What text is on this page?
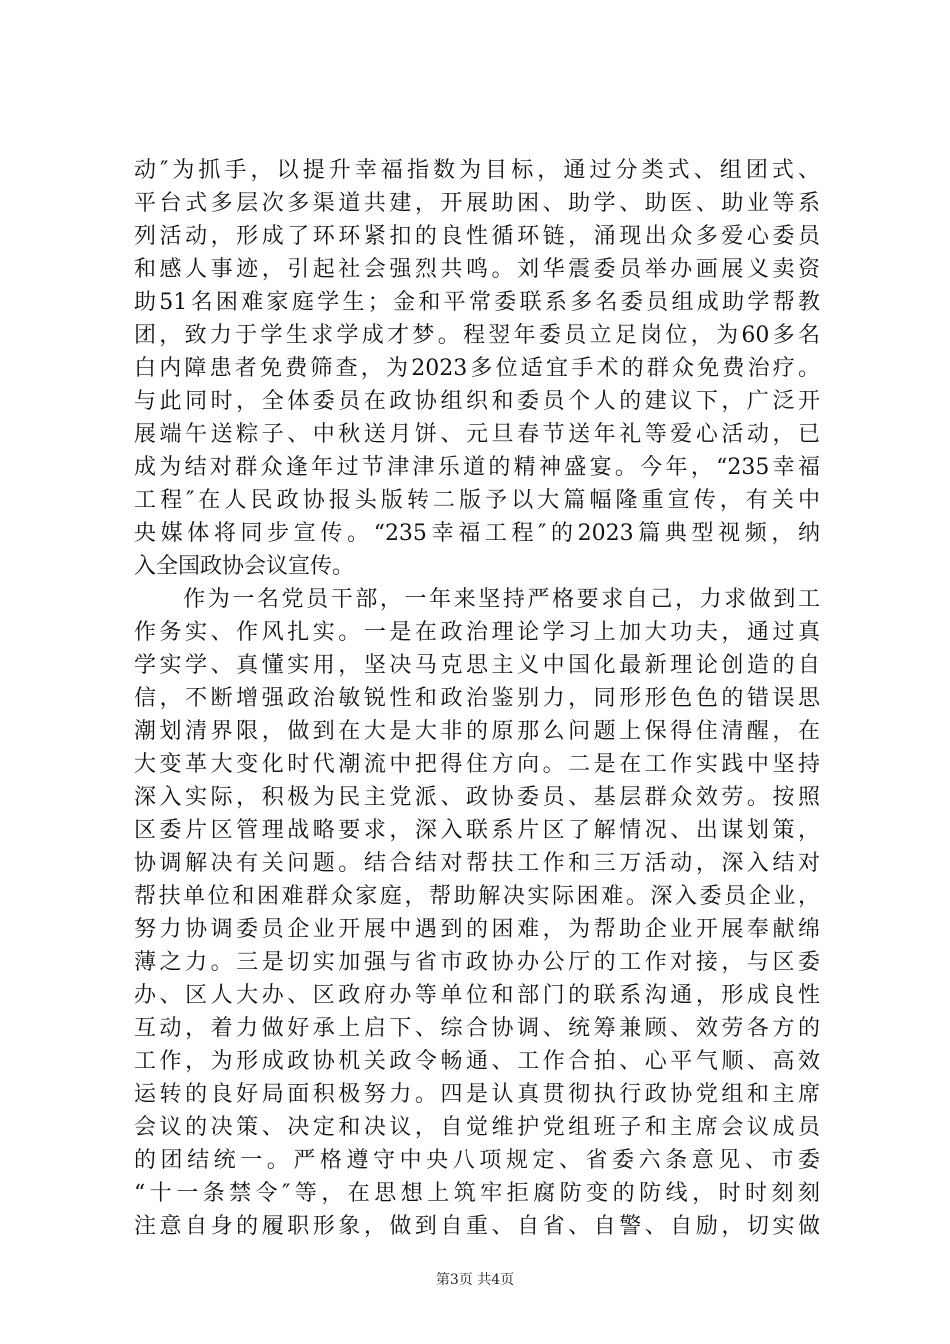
动″为抓手，以提升幸福指数为目标，通过分类式、组团式、
平台式多层次多渠道共建，开展助困、助学、助医、助业等系
列活动，形成了环环紧扣的良性循环链，涌现出众多爱心委员
和感人事迹，引起社会强烈共鸣。刘华震委员举办画展义卖资
助51名困难家庭学生；金和平常委联系多名委员组成助学帮教
团，致力于学生求学成才梦。程翌年委员立足岗位，为60多名
白内障患者免费筛查，为2023多位适宜手术的群众免费治疗。
与此同时，全体委员在政协组织和委员个人的建议下，广泛开
展端午送粽子、中秋送月饼、元旦春节送年礼等爱心活动，已
成为结对群众逢年过节津津乐道的精神盛宴。今年，“235幸福
工程″在人民政协报头版转二版予以大篇幅隆重宣传，有关中
央媒体将同步宣传。“235幸福工程″的2023篇典型视频，纳
入全国政协会议宣传。
　　作为一名党员干部，一年来坚持严格要求自己，力求做到工
作务实、作风扎实。一是在政治理论学习上加大功夫，通过真
学实学、真懂实用，坚决马克思主义中国化最新理论创造的自
信，不断增强政治敏锐性和政治鉴别力，同形形色色的错误思
潮划清界限，做到在大是大非的原那么问题上保得住清醒，在
大变革大变化时代潮流中把得住方向。二是在工作实践中坚持
深入实际，积极为民主党派、政协委员、基层群众效劳。按照
区委片区管理战略要求，深入联系片区了解情况、出谋划策，
协调解决有关问题。结合结对帮扶工作和三万活动，深入结对
帮扶单位和困难群众家庭，帮助解决实际困难。深入委员企业，
努力协调委员企业开展中遇到的困难，为帮助企业开展奉献绵
薄之力。三是切实加强与省市政协办公厅的工作对接，与区委
办、区人大办、区政府办等单位和部门的联系沟通，形成良性
互动，着力做好承上启下、综合协调、统筹兼顾、效劳各方的
工作，为形成政协机关政令畅通、工作合拍、心平气顺、高效
运转的良好局面积极努力。四是认真贯彻执行政协党组和主席
会议的决策、决定和决议，自觉维护党组班子和主席会议成员
的团结统一。严格遵守中央八项规定、省委六条意见、市委
“十一条禁令″等，在思想上筑牢拒腐防变的防线，时时刻刻
注意自身的履职形象，做到自重、自省、自警、自励，切实做
第3页 共4页
